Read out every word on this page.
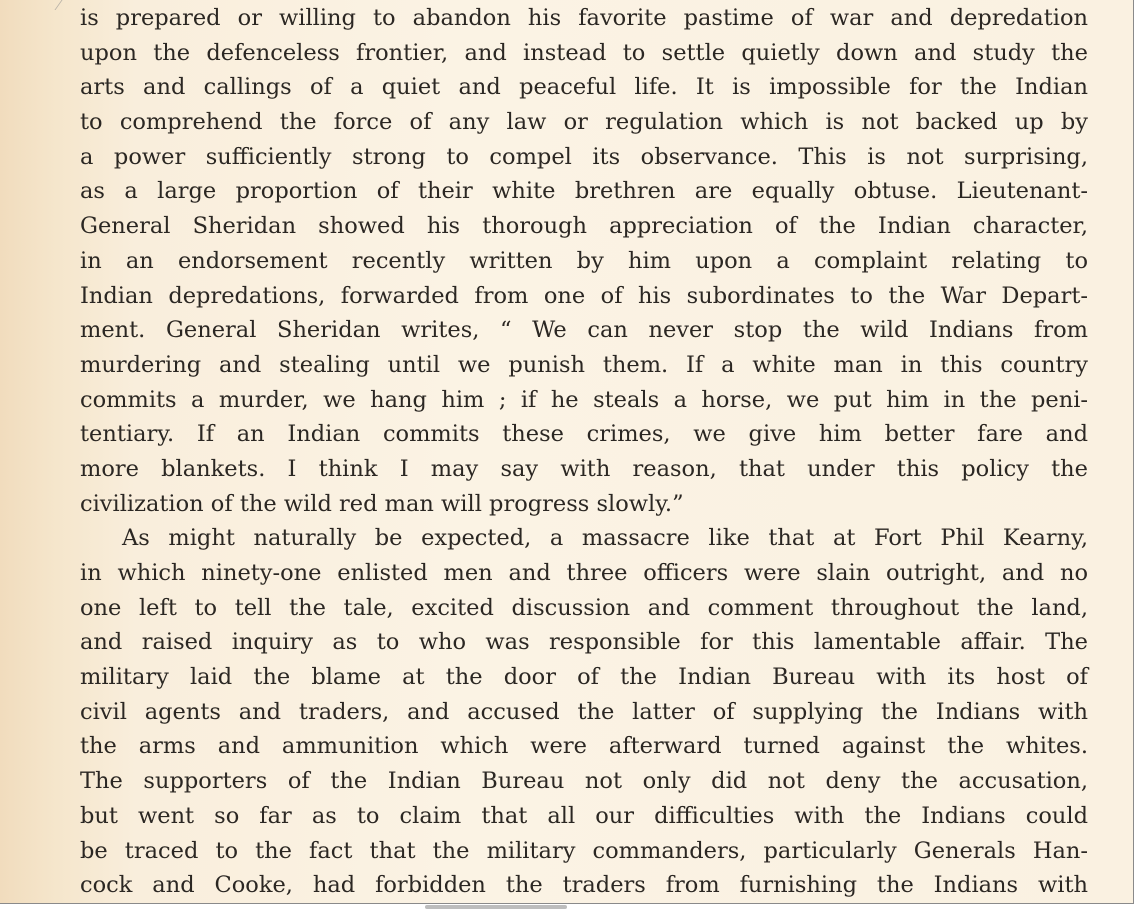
is prepared or willing to abandon his favorite pastime of war and depredation
upon the defenceless frontier, and instead to settle quietly down and study the
arts and callings of a quiet and peaceful life. It is impossible for the Indian
to comprehend the force of any law or regulation which is not backed up by
a power sufficiently strong to compel its observance. This is not surprising,
as a large proportion of their white brethren are equally obtuse. Lieutenant-
General Sheridan showed his thorough appreciation of the Indian character,
in an endorsement recently written by him upon a complaint relating to
Indian depredations, forwarded from one of his subordinates to the War Depart-
ment. General Sheridan writes, “ We can never stop the wild Indians from
murdering and stealing until we punish them. If a white man in this country
commits a murder, we hang him ; if he steals a horse, we put him in the peni-
tentiary. If an Indian commits these crimes, we give him better fare and
more blankets. I think I may say with reason, that under this policy the
civilization of the wild red man will progress slowly.”
As might naturally be expected, a massacre like that at Fort Phil Kearny,
in which ninety-one enlisted men and three officers were slain outright, and no
one left to tell the tale, excited discussion and comment throughout the land,
and raised inquiry as to who was responsible for this lamentable affair. The
military laid the blame at the door of the Indian Bureau with its host of
civil agents and traders, and accused the latter of supplying the Indians with
the arms and ammunition which were afterward turned against the whites.
The supporters of the Indian Bureau not only did not deny the accusation,
but went so far as to claim that all our difficulties with the Indians could
be traced to the fact that the military commanders, particularly Generals Han-
cock and Cooke, had forbidden the traders from furnishing the Indians with
